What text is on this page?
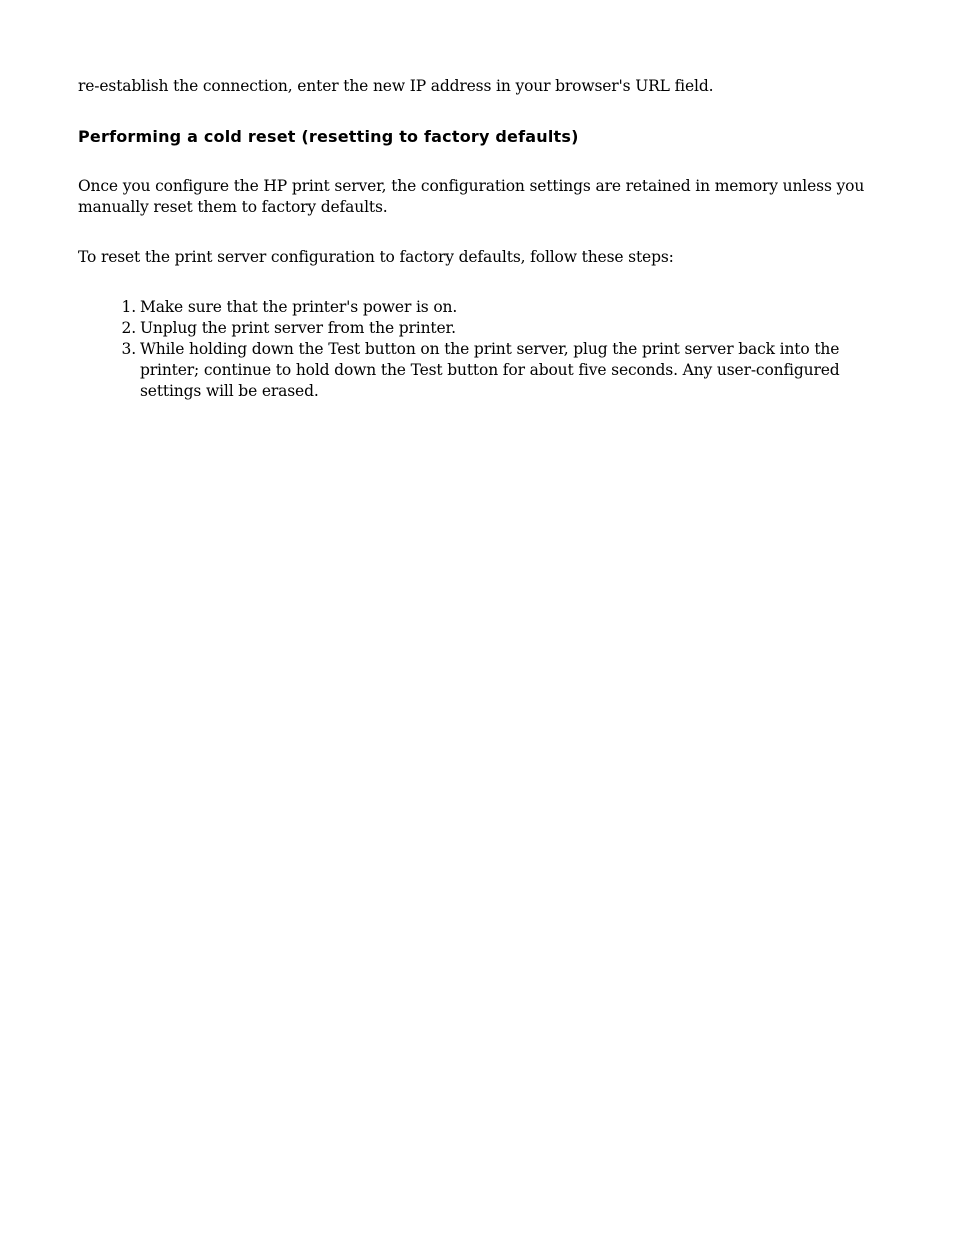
re-establish the connection, enter the new IP address in your browser's URL field.

Performing a cold reset (resetting to factory defaults)

Once you configure the HP print server, the configuration settings are retained in memory unless you manually reset them to factory defaults.

To reset the print server configuration to factory defaults, follow these steps:

1. Make sure that the printer's power is on.
2. Unplug the print server from the printer.
3. While holding down the Test button on the print server, plug the print server back into the printer; continue to hold down the Test button for about five seconds. Any user-configured settings will be erased.
